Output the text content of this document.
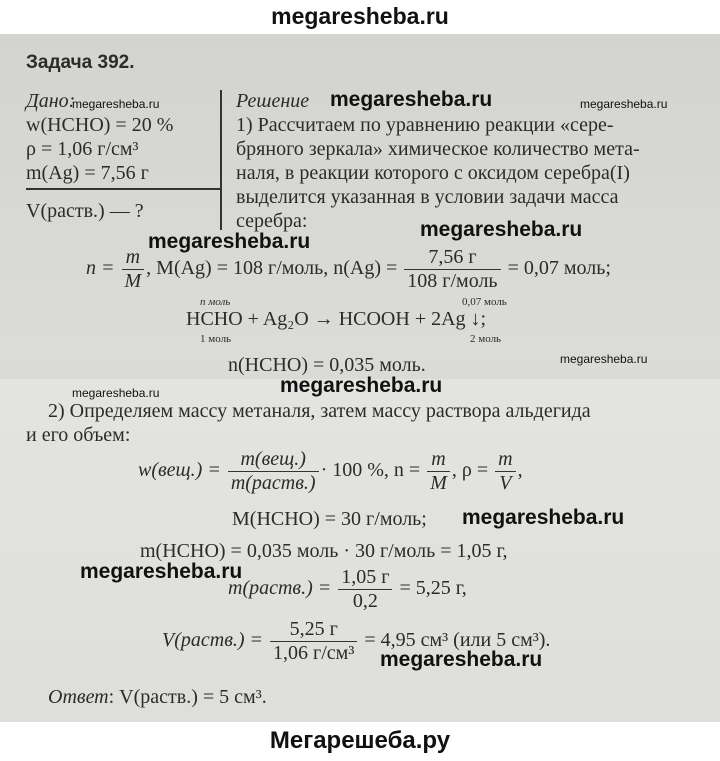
megaresheba.ru
Задача 392.
Дано:
megaresheba.ru
w(HCHO) = 20 %
ρ = 1,06 г/см³
m(Ag) = 7,56 г
V(раств.) — ?
Решение megaresheba.ru	megaresheba.ru
1) Рассчитаем по уравнению реакции «сере-
бряного зеркала» химическое количество мета-
наля, в реакции которого с оксидом серебра(I)
выделится указанная в условии задачи масса
серебра:
megaresheba.ru
megaresheba.ru
$n = \frac{m}{M}$ , M(Ag) = 108 г/моль, $n(Ag) = \frac{7,56 г}{\text{108 г/моль}} = 0,07$ моль;
n моль	0,07 моль
HCHO + Ag₂O → HCOOH + 2Ag ↓;
1 моль	2 моль
n(HCHO) = 0,035 моль.	megaresheba.ru
megaresheba.ru	megaresheba.ru
2) Определяем массу метаналя, затем массу раствора альдегида
и его объем:
$w(вещ.) = \frac{\text{m(вещ.)}}{\text{m(раств.)}} \cdot 100$ %, $n = \frac{m}{M}$ , $\rho = \frac{m}{V}$ ,
M(HCHO) = 30 г/моль; megaresheba.ru
m(HCHO) = 0,035 моль · 30 г/моль = 1,05 г,
megaresheba.ru
m(раств.) = $\frac{1,05 г}{0,2} = 5,25$ г,
V(раств.) = $\frac{5,25 г}{\text{1,06 г/см³}} = 4,95$ см³ (или 5 см³).
megaresheba.ru
Ответ: V(раств.) = 5 см³.
Мегарешеба.ру
